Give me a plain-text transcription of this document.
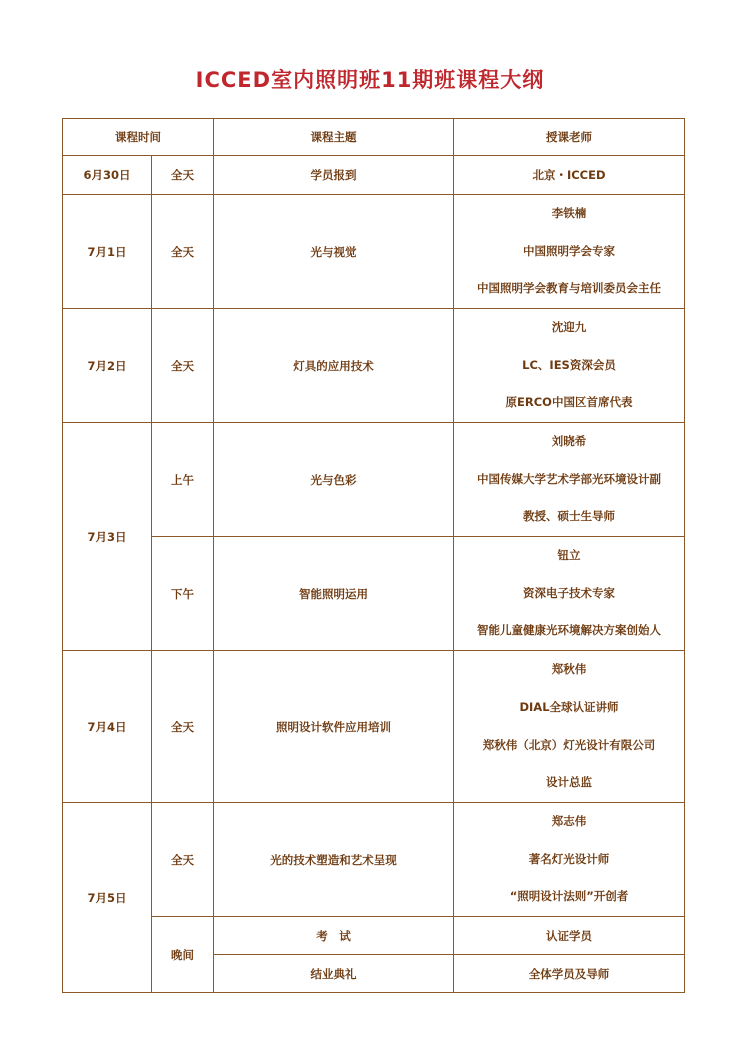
ICCED室内照明班11期班课程大纲
课程时间		课程主题	授课老师
6月30日	全天	学员报到	北京・ICCED
7月1日	全天	光与视觉	李铁楠
中国照明学会专家
中国照明学会教育与培训委员会主任

7月2日	全天	灯具的应用技术	沈迎九
LC、IES资深会员
原ERCO中国区首席代表

7月3日	上午	光与色彩	刘晓希
中国传媒大学艺术学部光环境设计副
教授、硕士生导师

	下午	智能照明运用	钮立
资深电子技术专家
智能儿童健康光环境解决方案创始人

7月4日	全天	照明设计软件应用培训	郑秋伟
DIAL全球认证讲师
郑秋伟（北京）灯光设计有限公司
设计总监

7月5日	全天	光的技术塑造和艺术呈现	郑志伟
著名灯光设计师
“照明设计法则”开创者

	晚间	考　试	认证学员
		结业典礼	全体学员及导师
